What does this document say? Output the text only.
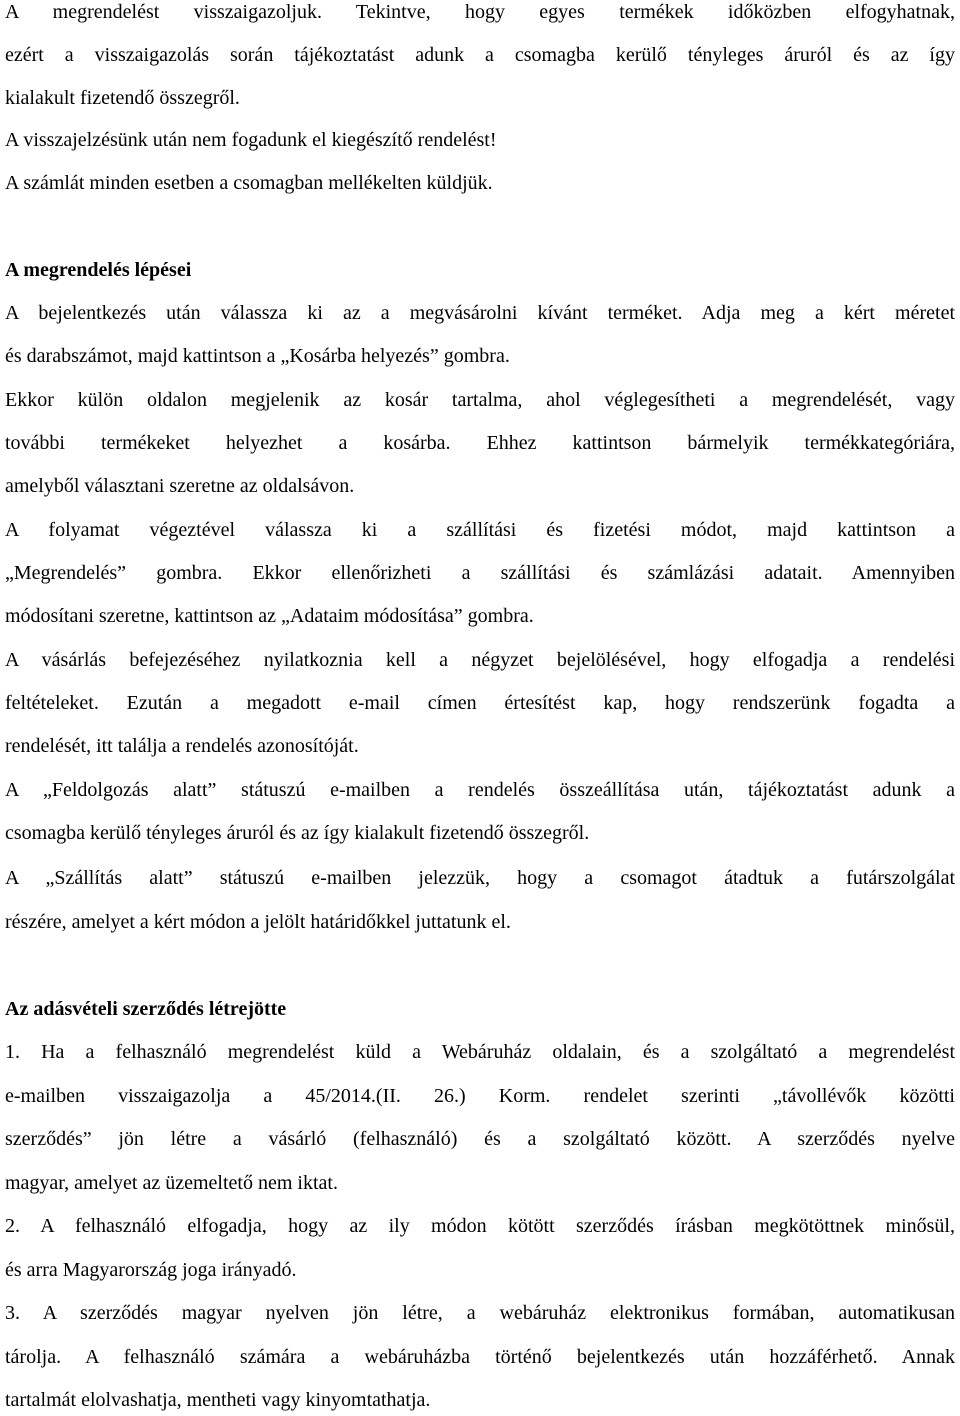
A megrendelést visszaigazoljuk. Tekintve, hogy egyes termékek időközben elfogyhatnak,
ezért a visszaigazolás során tájékoztatást adunk a csomagba kerülő tényleges áruról és az így
kialakult fizetendő összegről.
A visszajelzésünk után nem fogadunk el kiegészítő rendelést!
A számlát minden esetben a csomagban mellékelten küldjük.
A megrendelés lépései
A bejelentkezés után válassza ki az a megvásárolni kívánt terméket. Adja meg a kért méretet
és darabszámot, majd kattintson a „Kosárba helyezés” gombra.
Ekkor külön oldalon megjelenik az kosár tartalma, ahol véglegesítheti a megrendelését, vagy
további termékeket helyezhet a kosárba. Ehhez kattintson bármelyik termékkategóriára,
amelyből választani szeretne az oldalsávon.
A folyamat végeztével válassza ki a szállítási és fizetési módot, majd kattintson a
„Megrendelés” gombra. Ekkor ellenőrizheti a szállítási és számlázási adatait. Amennyiben
módosítani szeretne, kattintson az „Adataim módosítása” gombra.
A vásárlás befejezéséhez nyilatkoznia kell a négyzet bejelölésével, hogy elfogadja a rendelési
feltételeket. Ezután a megadott e-mail címen értesítést kap, hogy rendszerünk fogadta a
rendelését, itt találja a rendelés azonosítóját.
A „Feldolgozás alatt” státuszú e-mailben a rendelés összeállítása után, tájékoztatást adunk a
csomagba kerülő tényleges áruról és az így kialakult fizetendő összegről.
A „Szállítás alatt” státuszú e-mailben jelezzük, hogy a csomagot átadtuk a futárszolgálat
részére, amelyet a kért módon a jelölt határidőkkel juttatunk el.
Az adásvételi szerződés létrejötte
1. Ha a felhasználó megrendelést küld a Webáruház oldalain, és a szolgáltató a megrendelést
e-mailben visszaigazolja a 45/2014.(II. 26.) Korm. rendelet szerinti „távollévők közötti
szerződés” jön létre a vásárló (felhasználó) és a szolgáltató között. A szerződés nyelve
magyar, amelyet az üzemeltető nem iktat.
2. A felhasználó elfogadja, hogy az ily módon kötött szerződés írásban megkötöttnek minősül,
és arra Magyarország joga irányadó.
3. A szerződés magyar nyelven jön létre, a webáruház elektronikus formában, automatikusan
tárolja. A felhasználó számára a webáruházba történő bejelentkezés után hozzáférhető. Annak
tartalmát elolvashatja, mentheti vagy kinyomtathatja.
